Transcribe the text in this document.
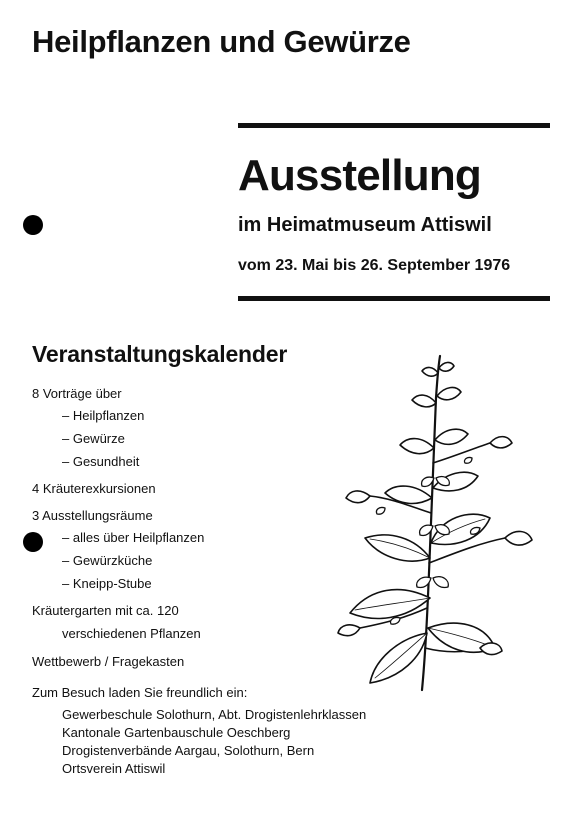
Heilpflanzen und Gewürze
Ausstellung
im Heimatmuseum Attiswil
vom 23. Mai bis 26. September 1976
Veranstaltungskalender
8 Vorträge über
– Heilpflanzen
– Gewürze
– Gesundheit
4 Kräuterexkursionen
3 Ausstellungsräume
– alles über Heilpflanzen
– Gewürzküche
– Kneipp-Stube
Kräutergarten mit ca. 120
verschiedenen Pflanzen
Wettbewerb / Fragekasten
Zum Besuch laden Sie freundlich ein:
Gewerbeschule Solothurn, Abt. Drogistenlehrklassen
Kantonale Gartenbauschule Oeschberg
Drogistenverbände Aargau, Solothurn, Bern
Ortsverein Attiswil
